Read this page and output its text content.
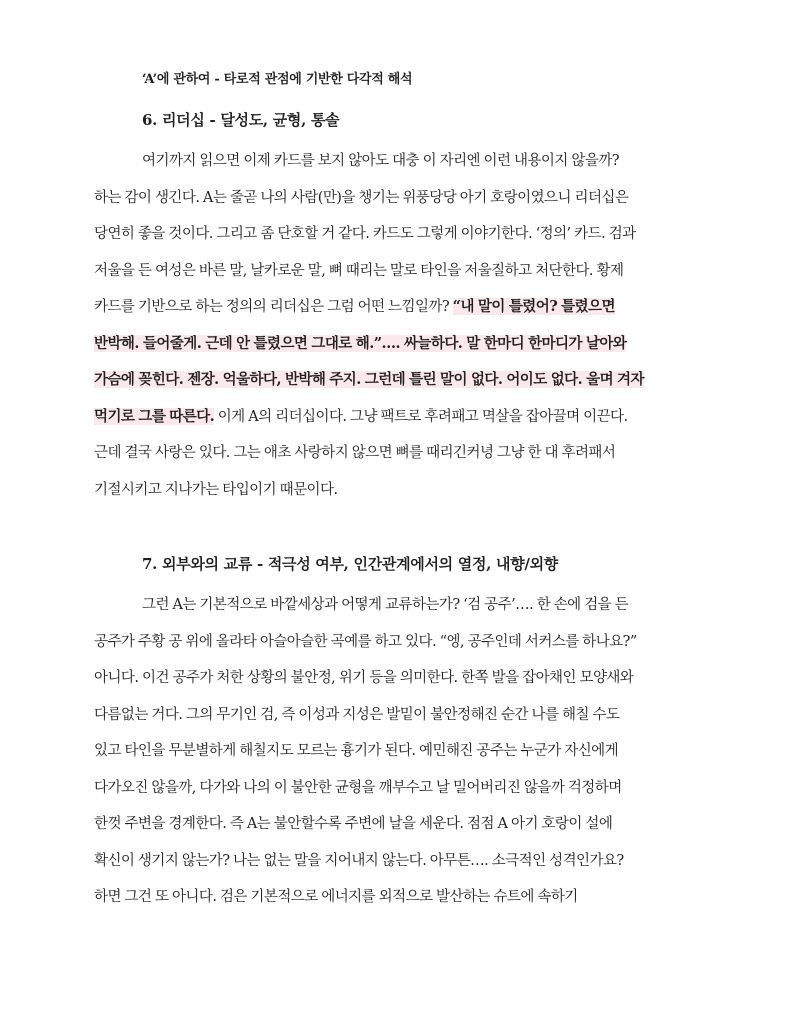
‘A’에 관하여 - 타로적 관점에 기반한 다각적 해석
6. 리더십 - 달성도, 균형, 통솔
여기까지 읽으면 이제 카드를 보지 않아도 대충 이 자리엔 이런 내용이지 않을까?
하는 감이 생긴다. A는 줄곧 나의 사람(만)을 챙기는 위풍당당 아기 호랑이였으니 리더십은
당연히 좋을 것이다. 그리고 좀 단호할 거 같다. 카드도 그렇게 이야기한다. ‘정의’ 카드. 검과
저울을 든 여성은 바른 말, 날카로운 말, 뼈 때리는 말로 타인을 저울질하고 처단한다. 황제
카드를 기반으로 하는 정의의 리더십은 그럼 어떤 느낌일까? “내 말이 틀렸어? 틀렸으면
반박해. 들어줄게. 근데 안 틀렸으면 그대로 해.”…. 싸늘하다. 말 한마디 한마디가 날아와
가슴에 꽂힌다. 젠장. 억울하다, 반박해 주지. 그런데 틀린 말이 없다. 어이도 없다. 울며 겨자
먹기로 그를 따른다. 이게 A의 리더십이다. 그냥 팩트로 후려패고 멱살을 잡아끌며 이끈다.
근데 결국 사랑은 있다. 그는 애초 사랑하지 않으면 뼈를 때리긴커녕 그냥 한 대 후려패서
기절시키고 지나가는 타입이기 때문이다.
7. 외부와의 교류 - 적극성 여부, 인간관계에서의 열정, 내향/외향
그런 A는 기본적으로 바깥세상과 어떻게 교류하는가? ‘검 공주’…. 한 손에 검을 든
공주가 주황 공 위에 올라타 아슬아슬한 곡예를 하고 있다. “엥, 공주인데 서커스를 하나요?”
아니다. 이건 공주가 처한 상황의 불안정, 위기 등을 의미한다. 한쪽 발을 잡아채인 모양새와
다름없는 거다. 그의 무기인 검, 즉 이성과 지성은 발밑이 불안정해진 순간 나를 해칠 수도
있고 타인을 무분별하게 해칠지도 모르는 흉기가 된다. 예민해진 공주는 누군가 자신에게
다가오진 않을까, 다가와 나의 이 불안한 균형을 깨부수고 날 밀어버리진 않을까 걱정하며
한껏 주변을 경계한다. 즉 A는 불안할수록 주변에 날을 세운다. 점점 A 아기 호랑이 설에
확신이 생기지 않는가? 나는 없는 말을 지어내지 않는다. 아무튼…. 소극적인 성격인가요?
하면 그건 또 아니다. 검은 기본적으로 에너지를 외적으로 발산하는 슈트에 속하기
